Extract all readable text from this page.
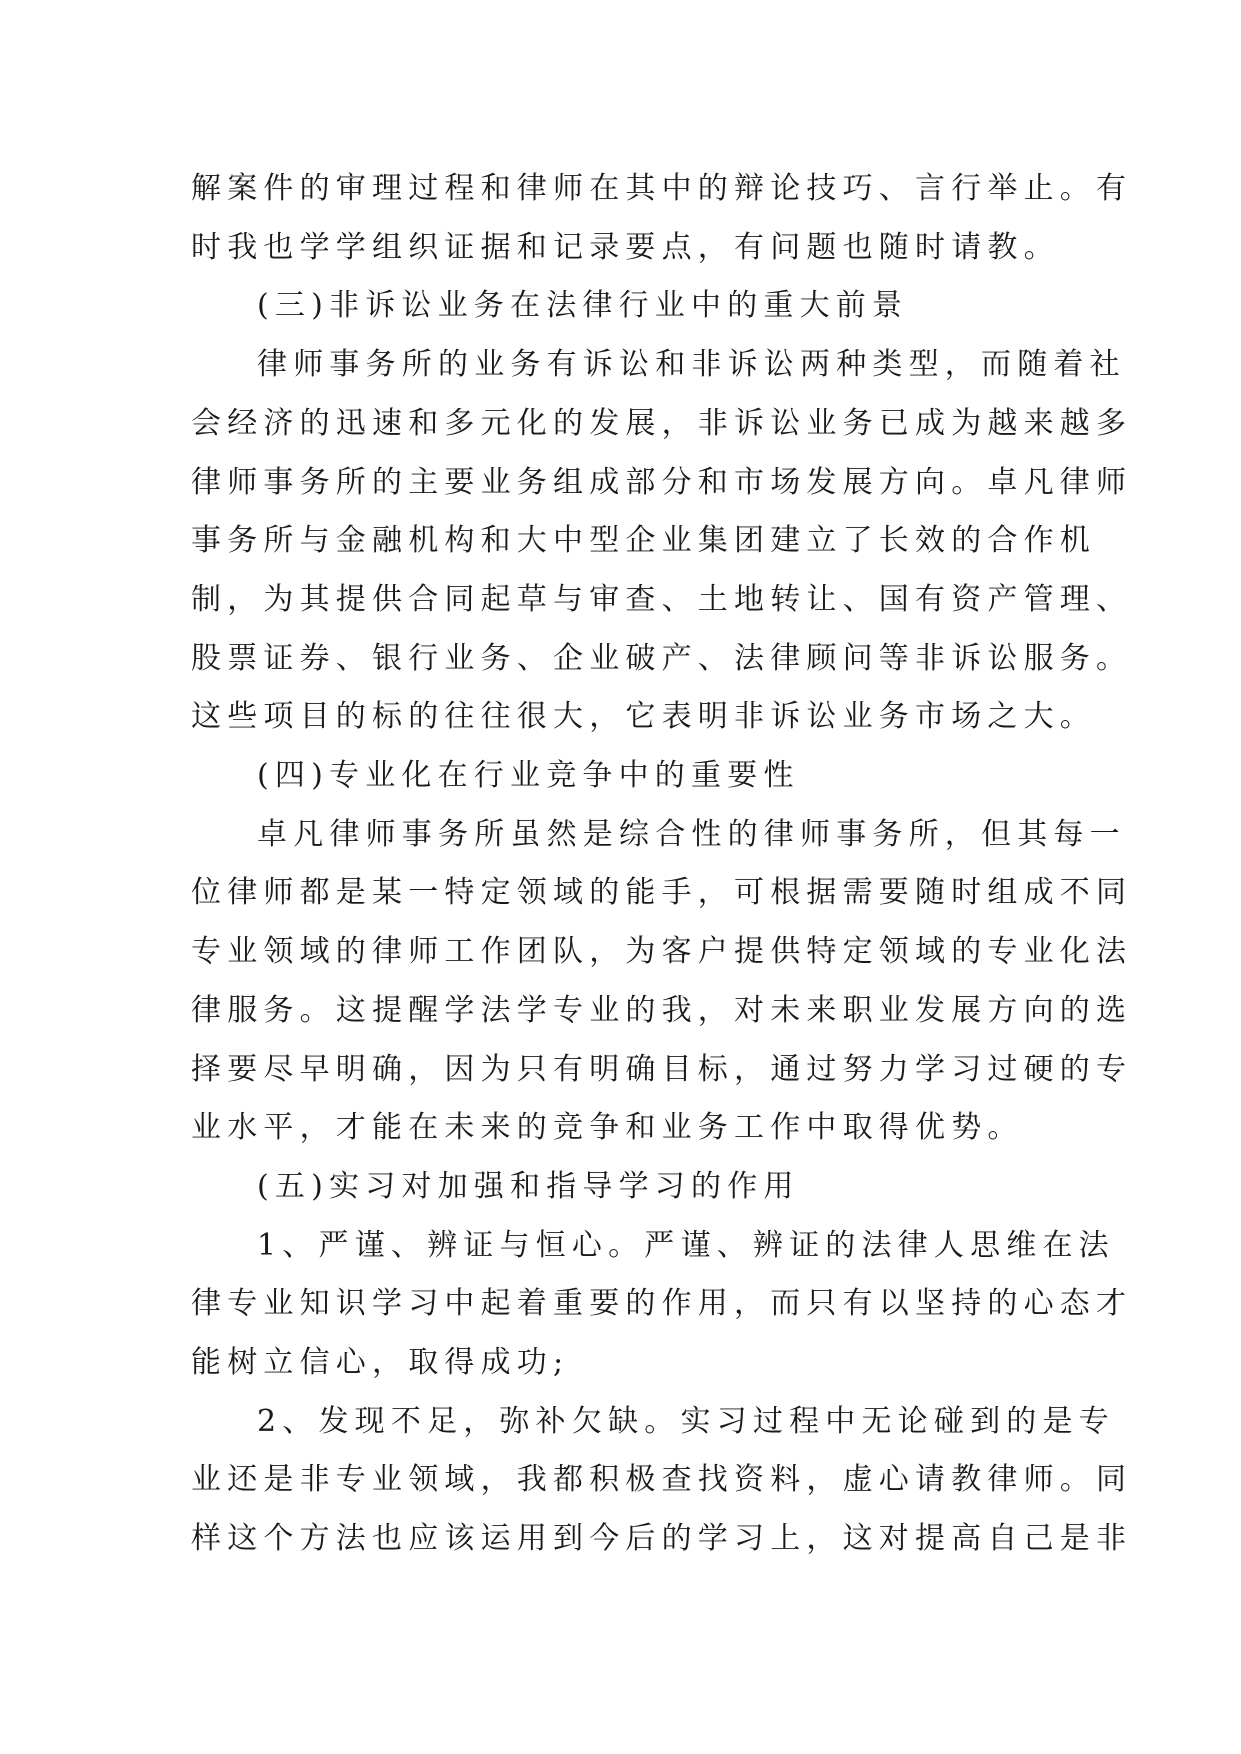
解案件的审理过程和律师在其中的辩论技巧、言行举止。有
时我也学学组织证据和记录要点，有问题也随时请教。
(三)非诉讼业务在法律行业中的重大前景
律师事务所的业务有诉讼和非诉讼两种类型，而随着社
会经济的迅速和多元化的发展，非诉讼业务已成为越来越多
律师事务所的主要业务组成部分和市场发展方向。卓凡律师
事务所与金融机构和大中型企业集团建立了长效的合作机
制，为其提供合同起草与审查、土地转让、国有资产管理、
股票证券、银行业务、企业破产、法律顾问等非诉讼服务。
这些项目的标的往往很大，它表明非诉讼业务市场之大。
(四)专业化在行业竞争中的重要性
卓凡律师事务所虽然是综合性的律师事务所，但其每一
位律师都是某一特定领域的能手，可根据需要随时组成不同
专业领域的律师工作团队，为客户提供特定领域的专业化法
律服务。这提醒学法学专业的我，对未来职业发展方向的选
择要尽早明确，因为只有明确目标，通过努力学习过硬的专
业水平，才能在未来的竞争和业务工作中取得优势。
(五)实习对加强和指导学习的作用
1、严谨、辨证与恒心。严谨、辨证的法律人思维在法
律专业知识学习中起着重要的作用，而只有以坚持的心态才
能树立信心，取得成功;
2、发现不足，弥补欠缺。实习过程中无论碰到的是专
业还是非专业领域，我都积极查找资料，虚心请教律师。同
样这个方法也应该运用到今后的学习上，这对提高自己是非
